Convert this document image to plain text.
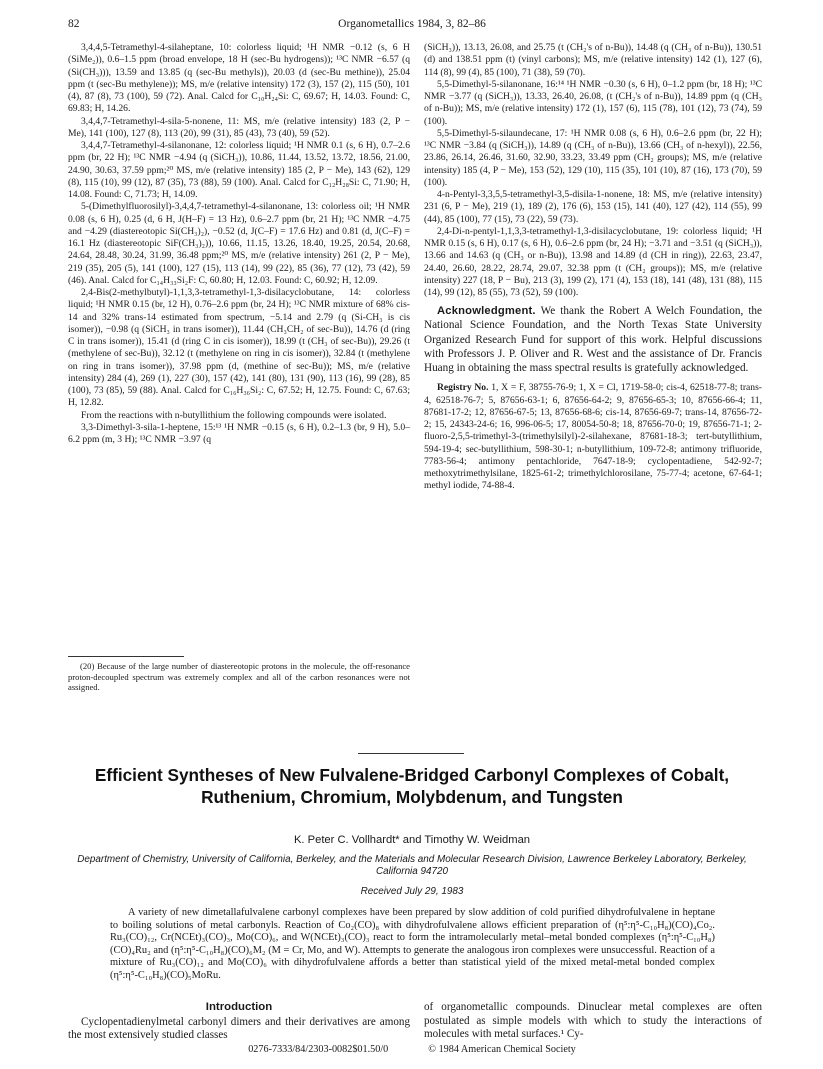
82	Organometallics 1984, 3, 82–86

3,4,4,5-Tetramethyl-4-silaheptane, 10: colorless liquid; ¹H NMR −0.12 (s, 6 H (SiMe₂)), 0.6–1.5 ppm (broad envelope, 18 H (sec-Bu hydrogens)); ¹³C NMR −6.57 (q (Si(CH₃))), 13.59 and 13.85 (q (sec-Bu methyls)), 20.03 (d (sec-Bu methine)), 25.04 ppm (t (sec-Bu methylene)); MS, m/e (relative intensity) 172 (3), 157 (2), 115 (50), 101 (4), 87 (8), 73 (100), 59 (72). Anal. Calcd for C₁₀H₂₄Si: C, 69.67; H, 14.03. Found: C, 69.83; H, 14.26.

3,4,4,7-Tetramethyl-4-sila-5-nonene, 11: MS, m/e (relative intensity) 183 (2, P − Me), 141 (100), 127 (8), 113 (20), 99 (31), 85 (43), 73 (40), 59 (52).

3,4,4,7-Tetramethyl-4-silanonane, 12: colorless liquid; ¹H NMR 0.1 (s, 6 H), 0.7–2.6 ppm (br, 22 H); ¹³C NMR −4.94 (q (SiCH₃)), 10.86, 11.44, 13.52, 13.72, 18.56, 21.00, 24.90, 30.63, 37.59 ppm;²⁰ MS, m/e (relative intensity) 185 (2, P − Me), 143 (62), 129 (8), 115 (10), 99 (12), 87 (35), 73 (88), 59 (100). Anal. Calcd for C₁₂H₂₈Si: C, 71.90; H, 14.08. Found: C, 71.73; H, 14.09.

5-(Dimethylfluorosilyl)-3,4,4,7-tetramethyl-4-silanonane, 13: colorless oil; ¹H NMR 0.08 (s, 6 H), 0.25 (d, 6 H, J(H–F) = 13 Hz), 0.6–2.7 ppm (br, 21 H); ¹³C NMR −4.75 and −4.29 (diastereotopic Si(CH₃)₂), −0.52 (d, J(C–F) = 17.6 Hz) and 0.81 (d, J(C–F) = 16.1 Hz (diastereotopic SiF(CH₃)₂)), 10.66, 11.15, 13.26, 18.40, 19.25, 20.54, 20.68, 24.64, 28.48, 30.24, 31.99, 36.48 ppm;²⁰ MS, m/e (relative intensity) 261 (2, P − Me), 219 (35), 205 (5), 141 (100), 127 (15), 113 (14), 99 (22), 85 (36), 77 (12), 73 (42), 59 (46). Anal. Calcd for C₁₄H₃₃Si₂F: C, 60.80; H, 12.03. Found: C, 60.92; H, 12.09.

2,4-Bis(2-methylbutyl)-1,1,3,3-tetramethyl-1,3-disilacyclobutane, 14: colorless liquid; ¹H NMR 0.15 (br, 12 H), 0.76–2.6 ppm (br, 24 H); ¹³C NMR mixture of 68% cis-14 and 32% trans-14 estimated from spectrum, −5.14 and 2.79 (q (Si-CH₃ is cis isomer)), −0.98 (q (SiCH₃ in trans isomer)), 11.44 (CH₃CH₂ of sec-Bu)), 14.76 (d (ring C in trans isomer)), 15.41 (d (ring C in cis isomer)), 18.99 (t (CH₃ of sec-Bu)), 29.26 (t (methylene of sec-Bu)), 32.12 (t (methylene on ring in cis isomer)), 32.84 (t (methylene on ring in trans isomer)), 37.98 ppm (d, (methine of sec-Bu)); MS, m/e (relative intensity) 284 (4), 269 (1), 227 (30), 157 (42), 141 (80), 131 (90), 113 (16), 99 (28), 85 (100), 73 (85), 59 (88). Anal. Calcd for C₁₆H₃₆Si₂: C, 67.52; H, 12.75. Found: C, 67.63; H, 12.82.

From the reactions with n-butyllithium the following compounds were isolated.

3,3-Dimethyl-3-sila-1-heptene, 15:¹³ ¹H NMR −0.15 (s, 6 H), 0.2–1.3 (br, 9 H), 5.0–6.2 ppm (m, 3 H); ¹³C NMR −3.97 (q

(20) Because of the large number of diastereotopic protons in the molecule, the off-resonance proton-decoupled spectrum was extremely complex and all of the carbon resonances were not assigned.

(SiCH₃)), 13.13, 26.08, and 25.75 (t (CH₂'s of n-Bu)), 14.48 (q (CH₃ of n-Bu)), 130.51 (d) and 138.51 ppm (t) (vinyl carbons); MS, m/e (relative intensity) 142 (1), 127 (6), 114 (8), 99 (4), 85 (100), 71 (38), 59 (70).

5,5-Dimethyl-5-silanonane, 16:¹⁴ ¹H NMR −0.30 (s, 6 H), 0–1.2 ppm (br, 18 H); ¹³C NMR −3.77 (q (SiCH₃)), 13.33, 26.40, 26.08, (t (CH₂'s of n-Bu)), 14.89 ppm (q (CH₃ of n-Bu)); MS, m/e (relative intensity) 172 (1), 157 (6), 115 (78), 101 (12), 73 (74), 59 (100).

5,5-Dimethyl-5-silaundecane, 17: ¹H NMR 0.08 (s, 6 H), 0.6–2.6 ppm (br, 22 H); ¹³C NMR −3.84 (q (SiCH₃)), 14.89 (q (CH₃ of n-Bu)), 13.66 (CH₃ of n-hexyl)), 22.56, 23.86, 26.14, 26.46, 31.60, 32.90, 33.23, 33.49 ppm (CH₂ groups); MS, m/e (relative intensity) 185 (4, P − Me), 153 (52), 129 (10), 115 (35), 101 (10), 87 (16), 173 (70), 59 (100).

4-n-Pentyl-3,3,5,5-tetramethyl-3,5-disila-1-nonene, 18: MS, m/e (relative intensity) 231 (6, P − Me), 219 (1), 189 (2), 176 (6), 153 (15), 141 (40), 127 (42), 114 (55), 99 (44), 85 (100), 77 (15), 73 (22), 59 (73).

2,4-Di-n-pentyl-1,1,3,3-tetramethyl-1,3-disilacyclobutane, 19: colorless liquid; ¹H NMR 0.15 (s, 6 H), 0.17 (s, 6 H), 0.6–2.6 ppm (br, 24 H); −3.71 and −3.51 (q (SiCH₃)), 13.66 and 14.63 (q (CH₃ or n-Bu)), 13.98 and 14.89 (d (CH in ring)), 22.63, 23.47, 24.40, 26.60, 28.22, 28.74, 29.07, 32.38 ppm (t (CH₂ groups)); MS, m/e (relative intensity) 227 (18, P − Bu), 213 (3), 199 (2), 171 (4), 153 (18), 141 (48), 131 (88), 115 (14), 99 (12), 85 (55), 73 (52), 59 (100).

Acknowledgment. We thank the Robert A Welch Foundation, the National Science Foundation, and the North Texas State University Organized Research Fund for support of this work. Helpful discussions with Professors J. P. Oliver and R. West and the assistance of Dr. Francis Huang in obtaining the mass spectral results is gratefully acknowledged.

Registry No. 1, X = F, 38755-76-9; 1, X = Cl, 1719-58-0; cis-4, 62518-77-8; trans-4, 62518-76-7; 5, 87656-63-1; 6, 87656-64-2; 9, 87656-65-3; 10, 87656-66-4; 11, 87681-17-2; 12, 87656-67-5; 13, 87656-68-6; cis-14, 87656-69-7; trans-14, 87656-72-2; 15, 24343-24-6; 16, 996-06-5; 17, 80054-50-8; 18, 87656-70-0; 19, 87656-71-1; 2-fluoro-2,5,5-trimethyl-3-(trimethylsilyl)-2-silahexane, 87681-18-3; tert-butyllithium, 594-19-4; sec-butyllithium, 598-30-1; n-butyllithium, 109-72-8; antimony trifluoride, 7783-56-4; antimony pentachloride, 7647-18-9; cyclopentadiene, 542-92-7; methoxytrimethylsilane, 1825-61-2; trimethylchlorosilane, 75-77-4; acetone, 67-64-1; methyl iodide, 74-88-4.

Efficient Syntheses of New Fulvalene-Bridged Carbonyl Complexes of Cobalt, Ruthenium, Chromium, Molybdenum, and Tungsten
K. Peter C. Vollhardt* and Timothy W. Weidman
Department of Chemistry, University of California, Berkeley, and the Materials and Molecular Research Division, Lawrence Berkeley Laboratory, Berkeley, California 94720
Received July 29, 1983
A variety of new dimetallafulvalene carbonyl complexes have been prepared by slow addition of cold purified dihydrofulvalene in heptane to boiling solutions of metal carbonyls. Reaction of Co₂(CO)₈ with dihydrofulvalene allows efficient preparation of (η⁵:η⁵-C₁₀H₈)(CO)₄Co₂. Ru₃(CO)₁₂, Cr(NCEt)₃(CO)₃, Mo(CO)₆, and W(NCEt)₃(CO)₃ react to form the intramolecularly metal–metal bonded complexes (η⁵:η⁵-C₁₀H₈)(CO)₄Ru₂ and (η⁵:η⁵-C₁₀H₈)(CO)₆M₂ (M = Cr, Mo, and W). Attempts to generate the analogous iron complexes were unsuccessful. Reaction of a mixture of Ru₃(CO)₁₂ and Mo(CO)₆ with dihydrofulvalene affords a better than statistical yield of the mixed metal-metal bonded complex (η⁵:η⁵-C₁₀H₈)(CO)₅MoRu.
Introduction

Cyclopentadienylmetal carbonyl dimers and their derivatives are among the most extensively studied classes

of organometallic compounds. Dinuclear metal complexes are often postulated as simple models with which to study the interactions of molecules with metal surfaces.¹ Cy-

0276-7333/84/2303-0082$01.50/0	© 1984 American Chemical Society
